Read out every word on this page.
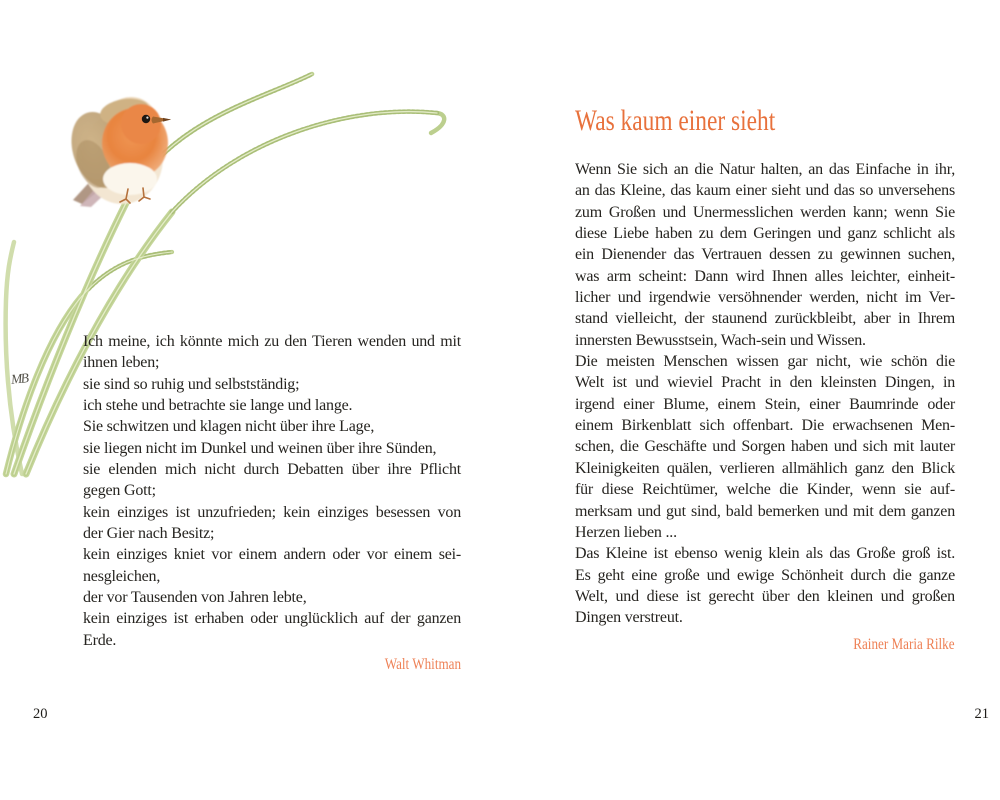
MB
Ich meine, ich könnte mich zu den Tieren wenden und mit
ihnen leben;
sie sind so ruhig und selbstständig;
ich stehe und betrachte sie lange und lange.
Sie schwitzen und klagen nicht über ihre Lage,
sie liegen nicht im Dunkel und weinen über ihre Sünden,
sie elenden mich nicht durch Debatten über ihre Pflicht
gegen Gott;
kein einziges ist unzufrieden; kein einziges besessen von
der Gier nach Besitz;
kein einziges kniet vor einem andern oder vor einem sei-
nesgleichen,
der vor Tausenden von Jahren lebte,
kein einziges ist erhaben oder unglücklich auf der ganzen
Erde.
Walt Whitman
20
Was kaum einer sieht
Wenn Sie sich an die Natur halten, an das Einfache in ihr,
an das Kleine, das kaum einer sieht und das so unversehens
zum Großen und Unermesslichen werden kann; wenn Sie
diese Liebe haben zu dem Geringen und ganz schlicht als
ein Dienender das Vertrauen dessen zu gewinnen suchen,
was arm scheint: Dann wird Ihnen alles leichter, einheit-
licher und irgendwie versöhnender werden, nicht im Ver-
stand vielleicht, der staunend zurückbleibt, aber in Ihrem
innersten Bewusstsein, Wach-sein und Wissen.
Die meisten Menschen wissen gar nicht, wie schön die
Welt ist und wieviel Pracht in den kleinsten Dingen, in
irgend einer Blume, einem Stein, einer Baumrinde oder
einem Birkenblatt sich offenbart. Die erwachsenen Men-
schen, die Geschäfte und Sorgen haben und sich mit lauter
Kleinigkeiten quälen, verlieren allmählich ganz den Blick
für diese Reichtümer, welche die Kinder, wenn sie auf-
merksam und gut sind, bald bemerken und mit dem ganzen
Herzen lieben ...
Das Kleine ist ebenso wenig klein als das Große groß ist.
Es geht eine große und ewige Schönheit durch die ganze
Welt, und diese ist gerecht über den kleinen und großen
Dingen verstreut.
Rainer Maria Rilke
21
